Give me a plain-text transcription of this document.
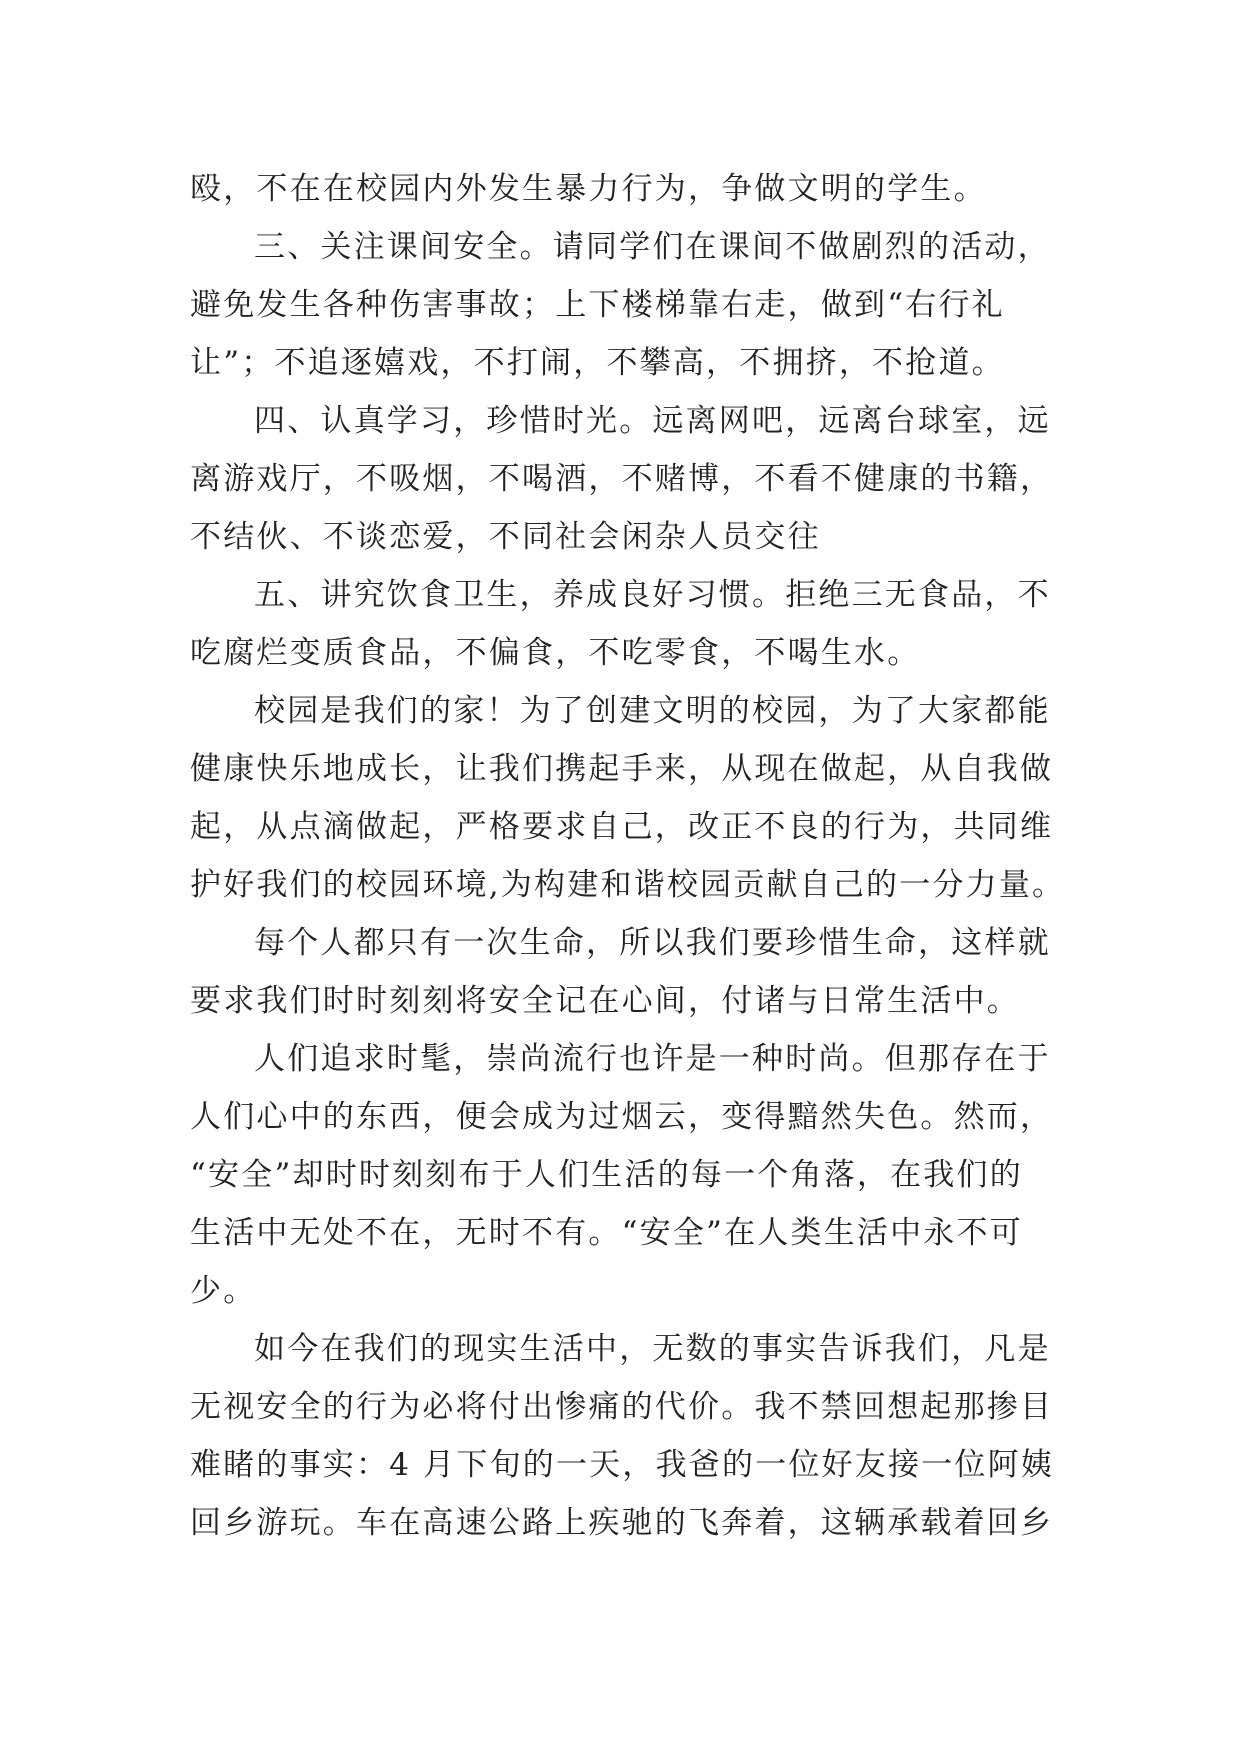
殴，不在在校园内外发生暴力行为，争做文明的学生。
三、关注课间安全。请同学们在课间不做剧烈的活动，
避免发生各种伤害事故；上下楼梯靠右走，做到“右行礼
让”；不追逐嬉戏，不打闹，不攀高，不拥挤，不抢道。
四、认真学习，珍惜时光。远离网吧，远离台球室，远
离游戏厅，不吸烟，不喝酒，不赌博，不看不健康的书籍，
不结伙、不谈恋爱，不同社会闲杂人员交往
五、讲究饮食卫生，养成良好习惯。拒绝三无食品，不
吃腐烂变质食品，不偏食，不吃零食，不喝生水。
校园是我们的家！为了创建文明的校园，为了大家都能
健康快乐地成长，让我们携起手来，从现在做起，从自我做
起，从点滴做起，严格要求自己，改正不良的行为，共同维
护好我们的校园环境,为构建和谐校园贡献自己的一分力量。
每个人都只有一次生命，所以我们要珍惜生命，这样就
要求我们时时刻刻将安全记在心间，付诸与日常生活中。
人们追求时髦，崇尚流行也许是一种时尚。但那存在于
人们心中的东西，便会成为过烟云，变得黯然失色。然而，
“安全”却时时刻刻布于人们生活的每一个角落，在我们的
生活中无处不在，无时不有。“安全”在人类生活中永不可
少。
如今在我们的现实生活中，无数的事实告诉我们，凡是
无视安全的行为必将付出惨痛的代价。我不禁回想起那掺目
难睹的事实：4 月下旬的一天，我爸的一位好友接一位阿姨
回乡游玩。车在高速公路上疾驰的飞奔着，这辆承载着回乡
